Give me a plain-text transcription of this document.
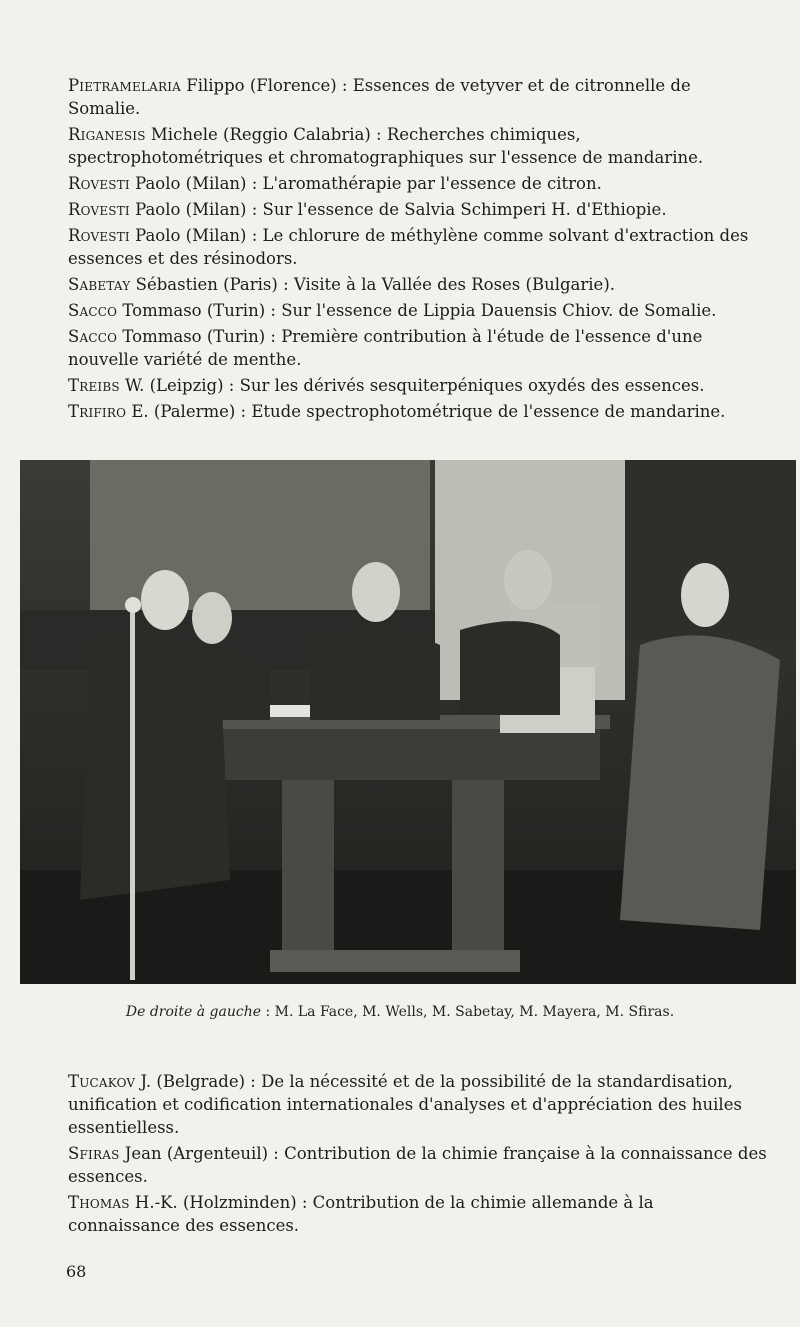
Pietramelaria Filippo (Florence) : Essences de vetyver et de citronnelle de Somalie.
Riganesis Michele (Reggio Calabria) : Recherches chimiques, spectrophotométriques et chromatographiques sur l'essence de mandarine.
Rovesti Paolo (Milan) : L'aromathérapie par l'essence de citron.
Rovesti Paolo (Milan) : Sur l'essence de Salvia Schimperi H. d'Ethiopie.
Rovesti Paolo (Milan) : Le chlorure de méthylène comme solvant d'extraction des essences et des résinodors.
Sabetay Sébastien (Paris) : Visite à la Vallée des Roses (Bulgarie).
Sacco Tommaso (Turin) : Sur l'essence de Lippia Dauensis Chiov. de Somalie.
Sacco Tommaso (Turin) : Première contribution à l'étude de l'essence d'une nouvelle variété de menthe.
Treibs W. (Leipzig) : Sur les dérivés sesquiterpéniques oxydés des essences.
Trifiro E. (Palerme) : Etude spectrophotométrique de l'essence de mandarine.
De droite à gauche : M. La Face, M. Wells, M. Sabetay, M. Mayera, M. Sfiras.
Tucakov J. (Belgrade) : De la nécessité et de la possibilité de la standardisation, unification et codification internationales d'analyses et d'appréciation des huiles essentielless.
Sfiras Jean (Argenteuil) : Contribution de la chimie française à la connaissance des essences.
Thomas H.-K. (Holzminden) : Contribution de la chimie allemande à la connaissance des essences.
68
